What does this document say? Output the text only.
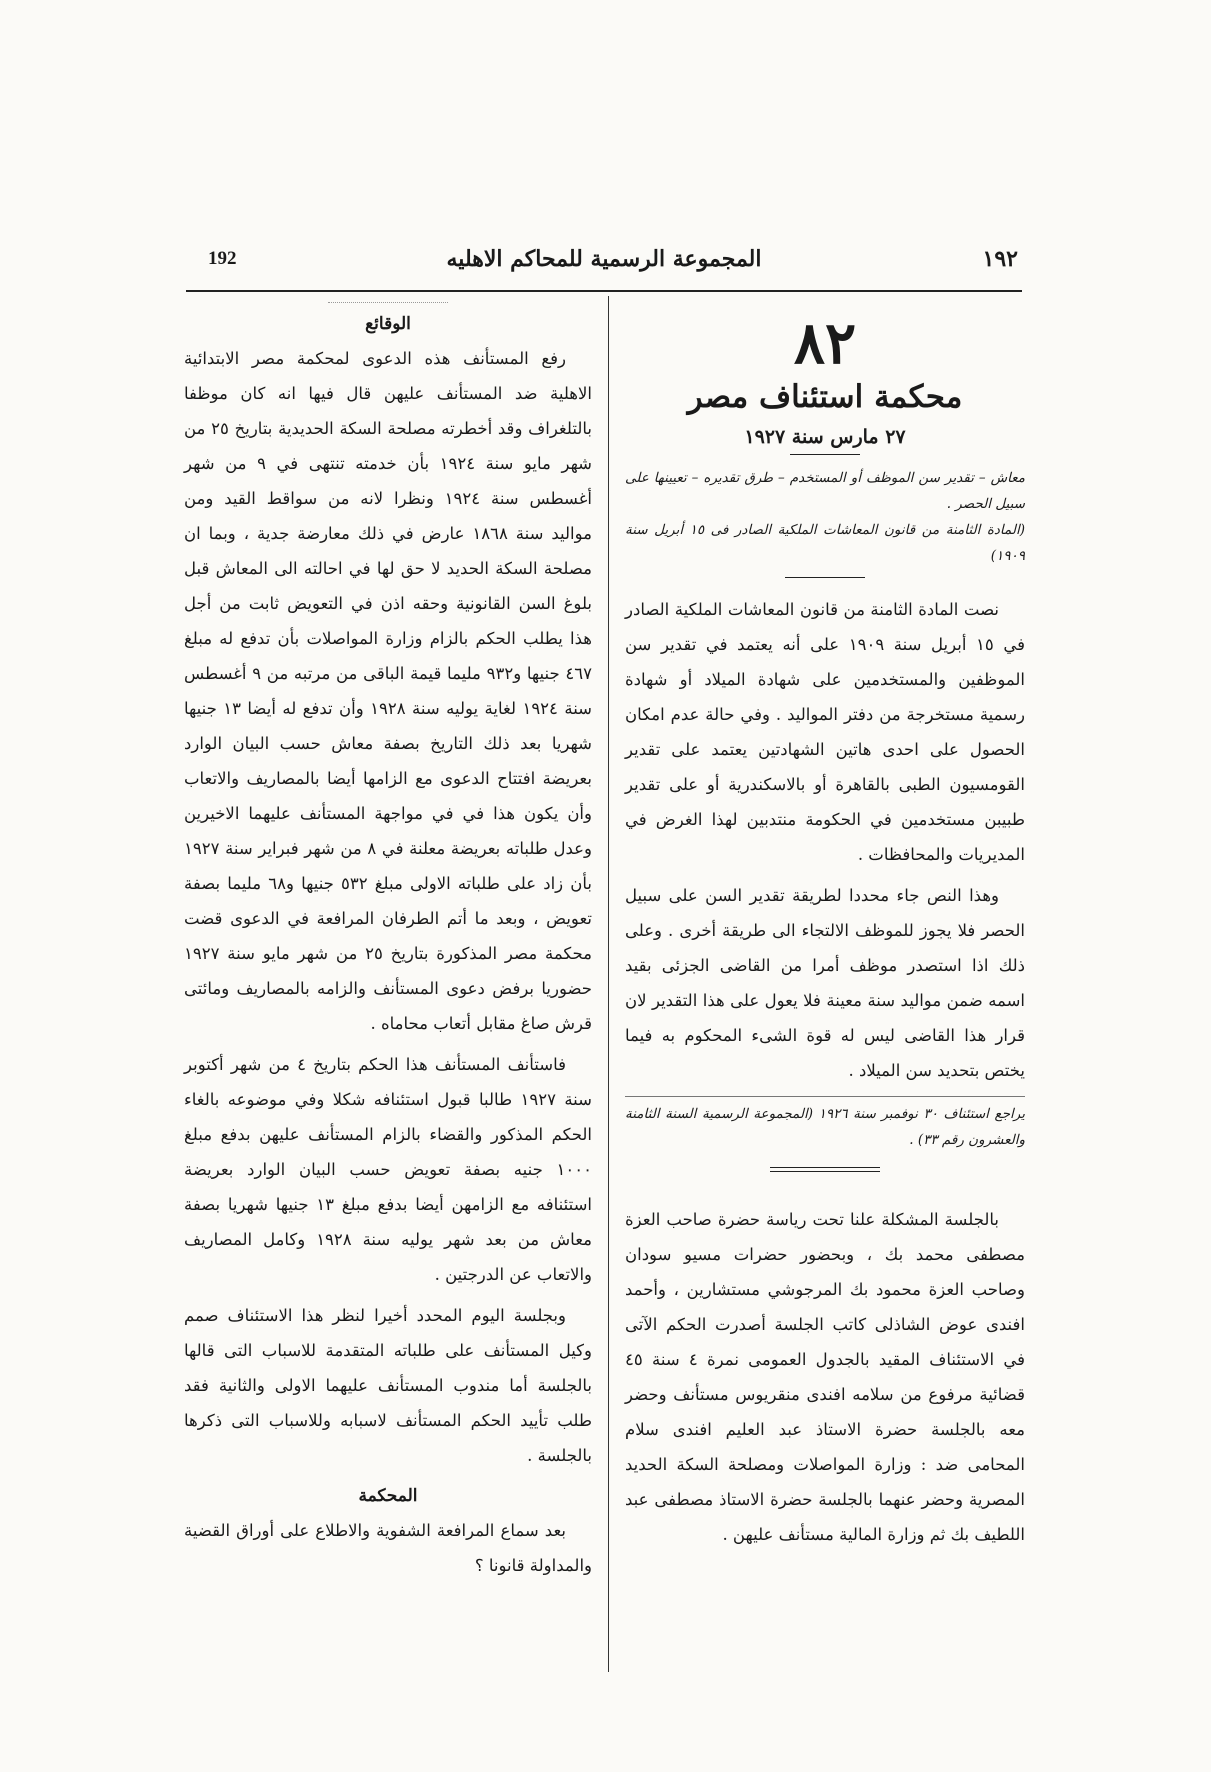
192	المجموعة الرسمية للمحاكم الاهليه	١٩٢
٨٢
محكمة استئناف مصر
٢٧ مارس سنة ١٩٢٧
معاش – تقدير سن الموظف أو المستخدم – طرق تقديره – تعيينها على سبيل الحصر .
(المادة الثامنة من قانون المعاشات الملكية الصادر فى ١٥ أبريل سنة ١٩٠٩)

نصت المادة الثامنة من قانون المعاشات الملكية الصادر في ١٥ أبريل سنة ١٩٠٩ على أنه يعتمد في تقدير سن الموظفين والمستخدمين على شهادة الميلاد أو شهادة رسمية مستخرجة من دفتر المواليد . وفي حالة عدم امكان الحصول على احدى هاتين الشهادتين يعتمد على تقدير القومسيون الطبى بالقاهرة أو بالاسكندرية أو على تقدير طبيبن مستخدمين في الحكومة منتدبين لهذا الغرض في المديريات والمحافظات .

وهذا النص جاء محددا لطريقة تقدير السن على سبيل الحصر فلا يجوز للموظف الالتجاء الى طريقة أخرى . وعلى ذلك اذا استصدر موظف أمرا من القاضى الجزئى بقيد اسمه ضمن مواليد سنة معينة فلا يعول على هذا التقدير لان قرار هذا القاضى ليس له قوة الشىء المحكوم به فيما يختص بتحديد سن الميلاد .

يراجع استئناف ٣٠ نوفمبر سنة ١٩٢٦ (المجموعة الرسمية السنة الثامنة والعشرون رقم ٣٣) .

بالجلسة المشكلة علنا تحت رياسة حضرة صاحب العزة مصطفى محمد بك ، وبحضور حضرات مسيو سودان وصاحب العزة محمود بك المرجوشي مستشارين ، وأحمد افندى عوض الشاذلى كاتب الجلسة أصدرت الحكم الآتى في الاستئناف المقيد بالجدول العمومى نمرة ٤ سنة ٤٥ قضائية مرفوع من سلامه افندى منقريوس مستأنف وحضر معه بالجلسة حضرة الاستاذ عبد العليم افندى سلام المحامى ضد : وزارة المواصلات ومصلحة السكة الحديد المصرية وحضر عنهما بالجلسة حضرة الاستاذ مصطفى عبد اللطيف بك ثم وزارة المالية مستأنف عليهن .

الوقائع

رفع المستأنف هذه الدعوى لمحكمة مصر الابتدائية الاهلية ضد المستأنف عليهن قال فيها انه كان موظفا بالتلغراف وقد أخطرته مصلحة السكة الحديدية بتاريخ ٢٥ من شهر مايو سنة ١٩٢٤ بأن خدمته تنتهى في ٩ من شهر أغسطس سنة ١٩٢٤ ونظرا لانه من سواقط القيد ومن مواليد سنة ١٨٦٨ عارض في ذلك معارضة جدية ، وبما ان مصلحة السكة الحديد لا حق لها في احالته الى المعاش قبل بلوغ السن القانونية وحقه اذن في التعويض ثابت من أجل هذا يطلب الحكم بالزام وزارة المواصلات بأن تدفع له مبلغ ٤٦٧ جنيها و٩٣٢ مليما قيمة الباقى من مرتبه من ٩ أغسطس سنة ١٩٢٤ لغاية يوليه سنة ١٩٢٨ وأن تدفع له أيضا ١٣ جنيها شهريا بعد ذلك التاريخ بصفة معاش حسب البيان الوارد بعريضة افتتاح الدعوى مع الزامها أيضا بالمصاريف والاتعاب وأن يكون هذا في في مواجهة المستأنف عليهما الاخيرين وعدل طلباته بعريضة معلنة في ٨ من شهر فبراير سنة ١٩٢٧ بأن زاد على طلباته الاولى مبلغ ٥٣٢ جنيها و٦٨ مليما بصفة تعويض ، وبعد ما أتم الطرفان المرافعة في الدعوى قضت محكمة مصر المذكورة بتاريخ ٢٥ من شهر مايو سنة ١٩٢٧ حضوريا برفض دعوى المستأنف والزامه بالمصاريف ومائتى قرش صاغ مقابل أتعاب محاماه .

فاستأنف المستأنف هذا الحكم بتاريخ ٤ من شهر أكتوبر سنة ١٩٢٧ طالبا قبول استئنافه شكلا وفي موضوعه بالغاء الحكم المذكور والقضاء بالزام المستأنف عليهن بدفع مبلغ ١٠٠٠ جنيه بصفة تعويض حسب البيان الوارد بعريضة استئنافه مع الزامهن أيضا بدفع مبلغ ١٣ جنيها شهريا بصفة معاش من بعد شهر يوليه سنة ١٩٢٨ وكامل المصاريف والاتعاب عن الدرجتين .

وبجلسة اليوم المحدد أخيرا لنظر هذا الاستئناف صمم وكيل المستأنف على طلباته المتقدمة للاسباب التى قالها بالجلسة أما مندوب المستأنف عليهما الاولى والثانية فقد طلب تأييد الحكم المستأنف لاسبابه وللاسباب التى ذكرها بالجلسة .

المحكمة

بعد سماع المرافعة الشفوية والاطلاع على أوراق القضية والمداولة قانونا ؟
